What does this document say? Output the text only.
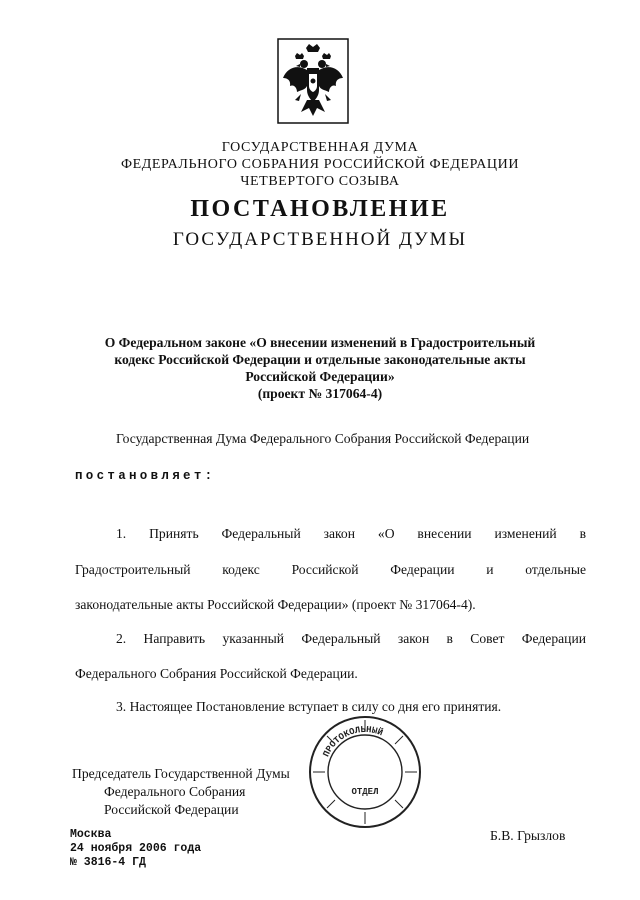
ГОСУДАРСТВЕННАЯ ДУМА
ФЕДЕРАЛЬНОГО СОБРАНИЯ РОССИЙСКОЙ ФЕДЕРАЦИИ
ЧЕТВЕРТОГО СОЗЫВА
ПОСТАНОВЛЕНИЕ
ГОСУДАРСТВЕННОЙ ДУМЫ
О Федеральном законе «О внесении изменений в Градостроительный
кодекс Российской Федерации и отдельные законодательные акты
Российской Федерации»
(проект № 317064-4)
Государственная Дума Федерального Собрания Российской Федерации
постановляет:
1. Принять Федеральный закон «О внесении изменений в
Градостроительный кодекс Российской Федерации и отдельные
законодательные акты Российской Федерации» (проект № 317064-4).
2. Направить указанный Федеральный закон в Совет Федерации
Федерального Собрания Российской Федерации.
3. Настоящее Постановление вступает в силу со дня его принятия.
ПРОТОКОЛЬНЫЙ
ОТДЕЛ
Председатель Государственной Думы
Федерального Собрания
Российской Федерации
Б.В. Грызлов
Москва
24 ноября 2006 года
№ 3816-4 ГД
